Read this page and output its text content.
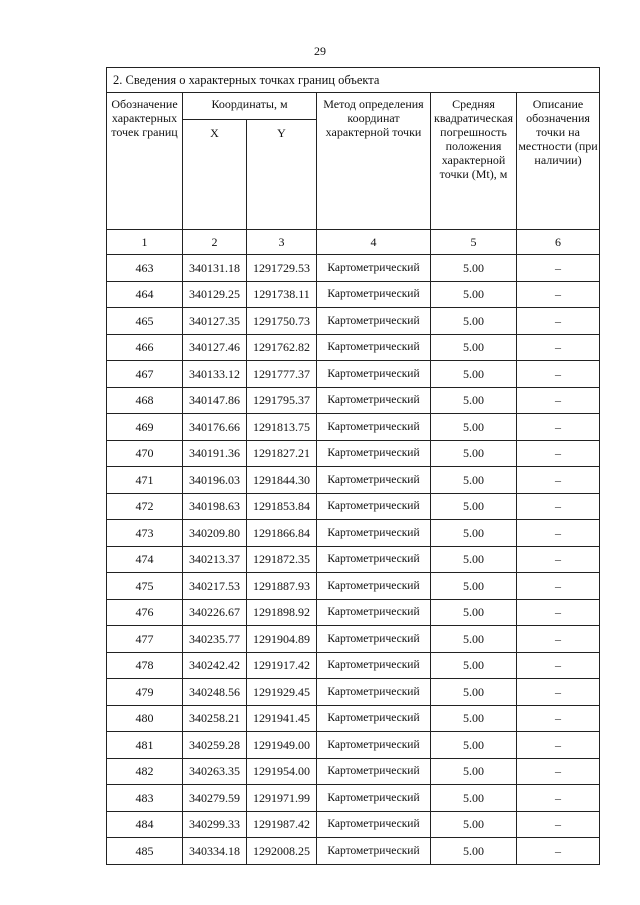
29
2. Сведения о характерных точках границ объекта					
Обозначение характерных точек границ	Координаты, м		Метод определения координат характерной точки	Средняя квадратическая погрешность положения характерной точки (Mt), м	Описание обозначения точки на местности (при наличии)
	X	Y			
1	2	3	4	5	6
463	340131.18	1291729.53	Картометрический	5.00	–
464	340129.25	1291738.11	Картометрический	5.00	–
465	340127.35	1291750.73	Картометрический	5.00	–
466	340127.46	1291762.82	Картометрический	5.00	–
467	340133.12	1291777.37	Картометрический	5.00	–
468	340147.86	1291795.37	Картометрический	5.00	–
469	340176.66	1291813.75	Картометрический	5.00	–
470	340191.36	1291827.21	Картометрический	5.00	–
471	340196.03	1291844.30	Картометрический	5.00	–
472	340198.63	1291853.84	Картометрический	5.00	–
473	340209.80	1291866.84	Картометрический	5.00	–
474	340213.37	1291872.35	Картометрический	5.00	–
475	340217.53	1291887.93	Картометрический	5.00	–
476	340226.67	1291898.92	Картометрический	5.00	–
477	340235.77	1291904.89	Картометрический	5.00	–
478	340242.42	1291917.42	Картометрический	5.00	–
479	340248.56	1291929.45	Картометрический	5.00	–
480	340258.21	1291941.45	Картометрический	5.00	–
481	340259.28	1291949.00	Картометрический	5.00	–
482	340263.35	1291954.00	Картометрический	5.00	–
483	340279.59	1291971.99	Картометрический	5.00	–
484	340299.33	1291987.42	Картометрический	5.00	–
485	340334.18	1292008.25	Картометрический	5.00	–
